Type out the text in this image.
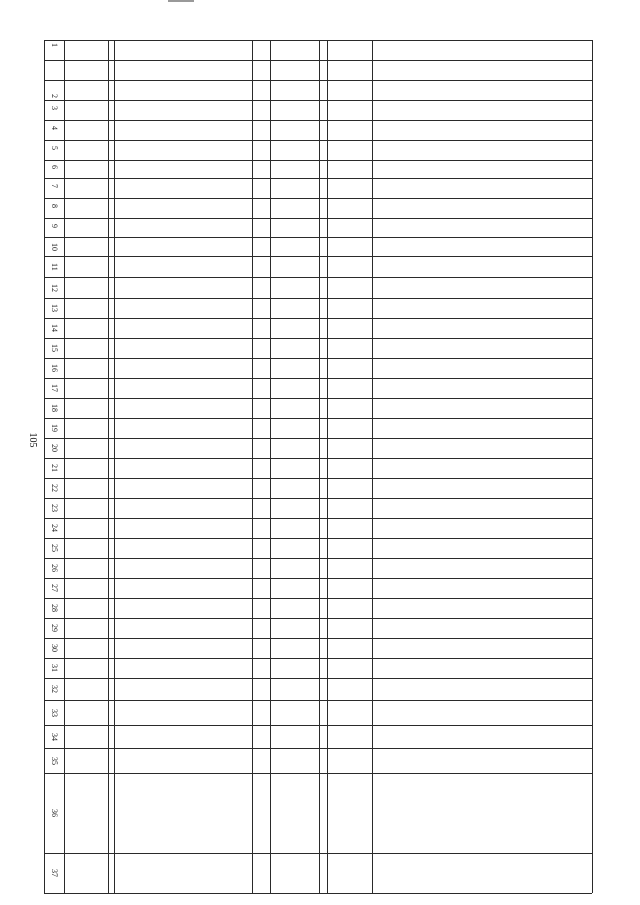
105
1
2
3
4
5
6
7
8
9
10
11
12
13
14
15
16
17
18
19
20
21
22
23
24
25
26
27
28
29
30
31
32
33
34
35
36
37
